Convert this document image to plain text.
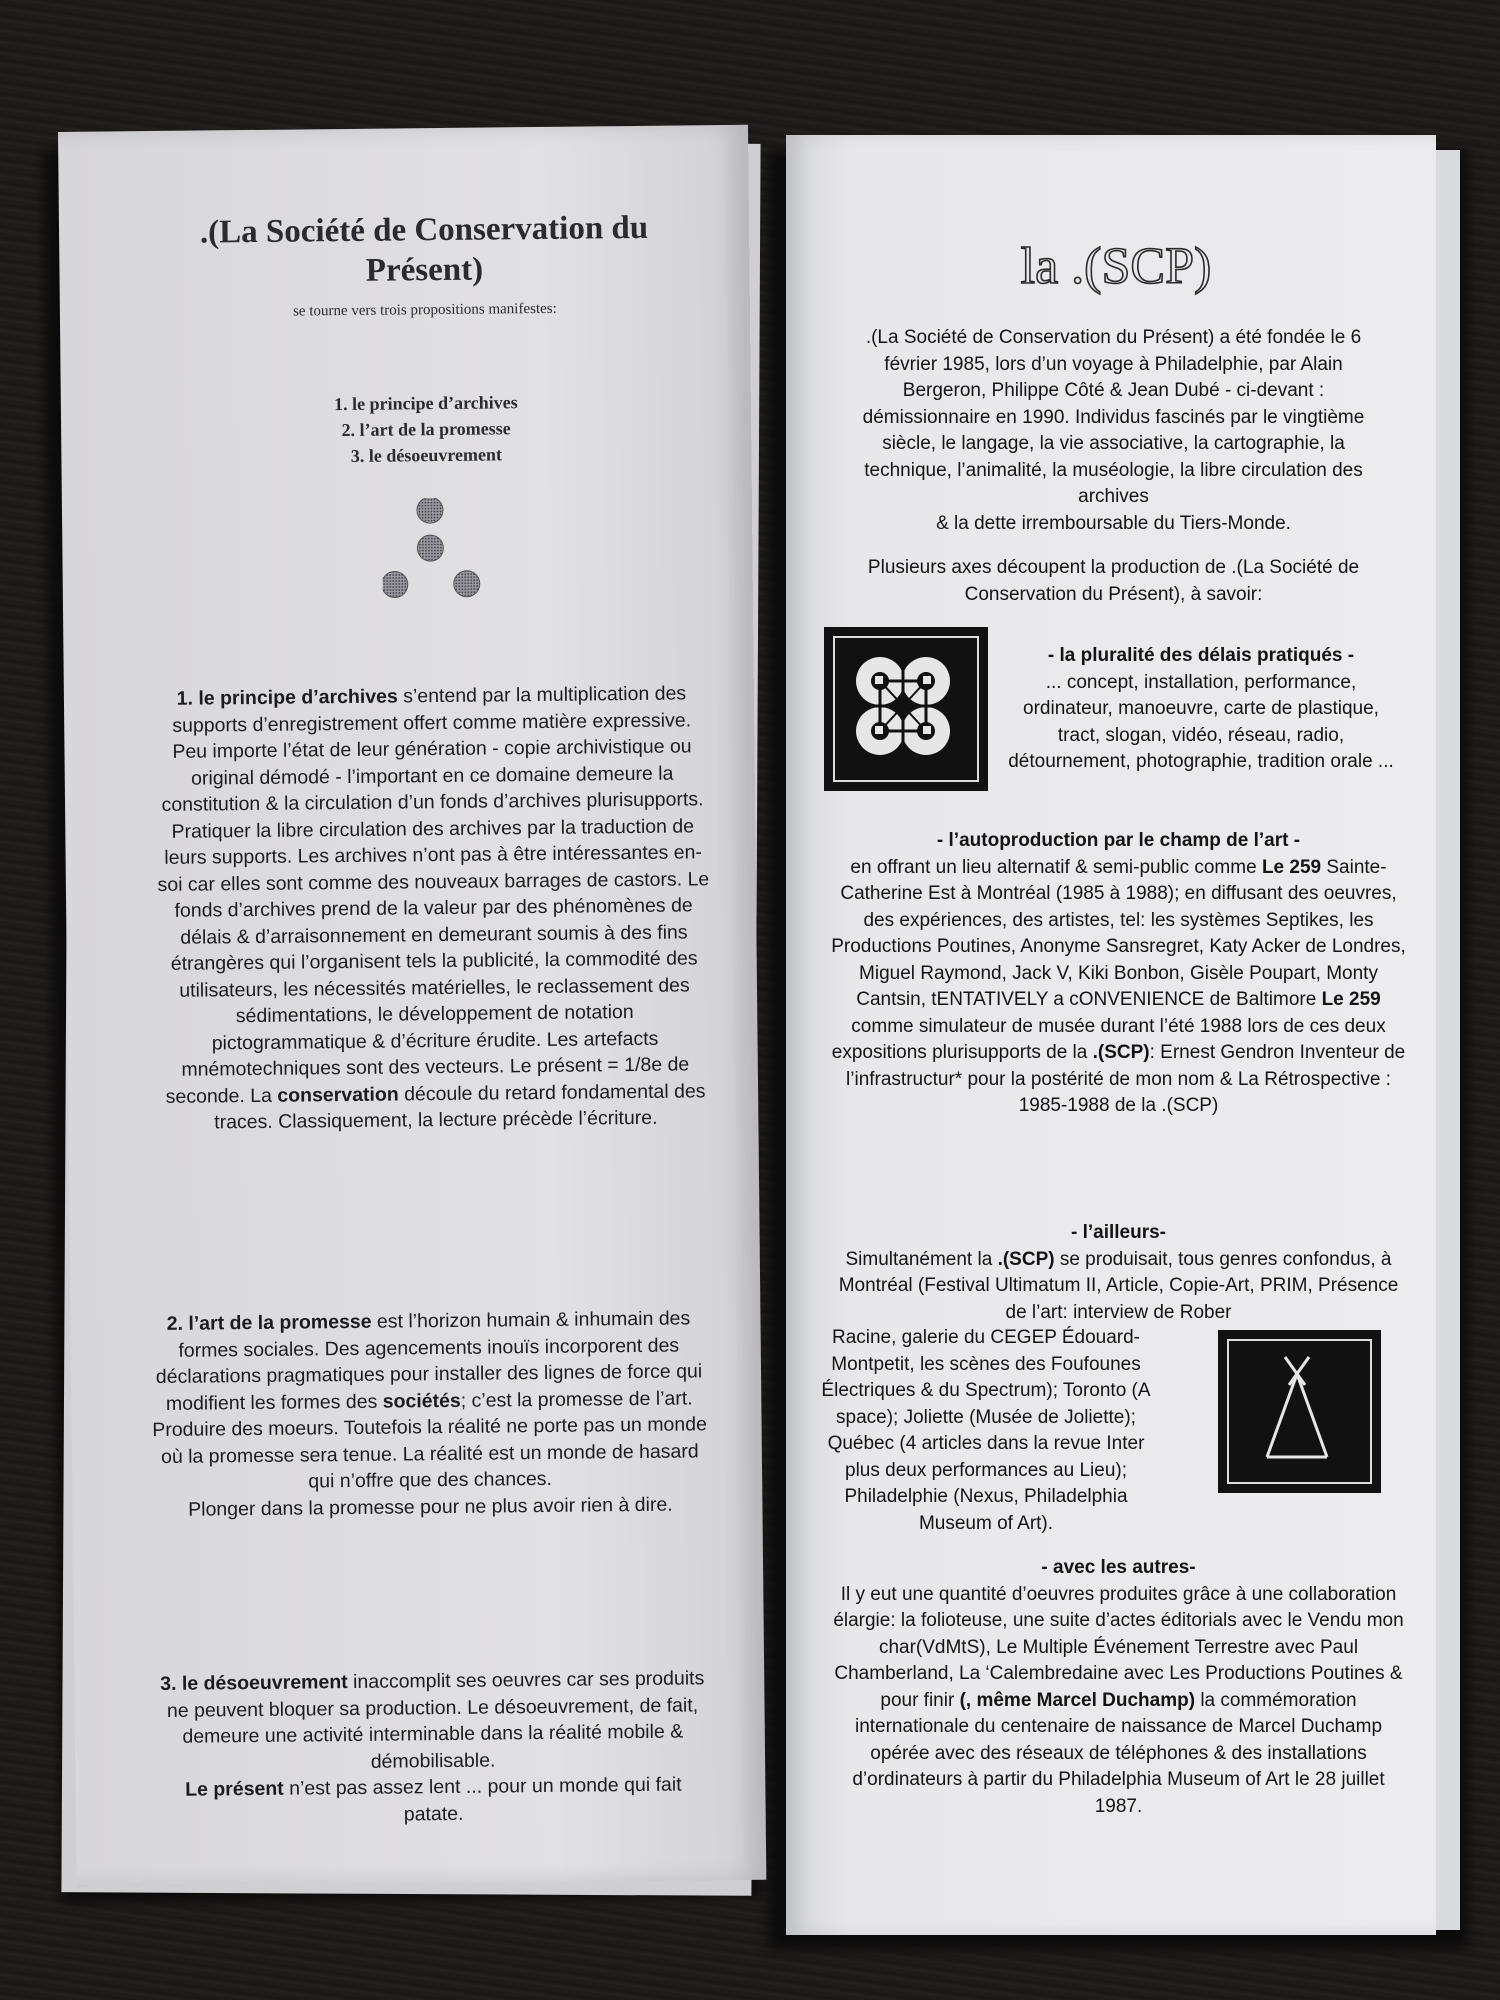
.(La Société de Conservation du Présent)
se tourne vers trois propositions manifestes:
1. le principe d’archives
2. l’art de la promesse
3. le désoeuvrement
1. le principe d’archives s’entend par la multiplication des supports d’enregistrement offert comme matière expressive. Peu importe l’état de leur génération - copie archivistique ou original démodé - l’important en ce domaine demeure la constitution & la circulation d’un fonds d’archives plurisupports. Pratiquer la libre circulation des archives par la traduction de leurs supports. Les archives n’ont pas à être intéressantes en-soi car elles sont comme des nouveaux barrages de castors. Le fonds d’archives prend de la valeur par des phénomènes de délais & d’arraisonnement en demeurant soumis à des fins étrangères qui l’organisent tels la publicité, la commodité des utilisateurs, les nécessités matérielles, le reclassement des sédimentations, le développement de notation pictogrammatique & d’écriture érudite. Les artefacts mnémotechniques sont des vecteurs. Le présent = 1/8e de seconde. La conservation découle du retard fondamental des traces. Classiquement, la lecture précède l’écriture.
2. l’art de la promesse est l’horizon humain & inhumain des formes sociales. Des agencements inouïs incorporent des déclarations pragmatiques pour installer des lignes de force qui modifient les formes des sociétés; c’est la promesse de l’art. Produire des moeurs. Toutefois la réalité ne porte pas un monde où la promesse sera tenue. La réalité est un monde de hasard qui n’offre que des chances.
Plonger dans la promesse pour ne plus avoir rien à dire.
3. le désoeuvrement inaccomplit ses oeuvres car ses produits ne peuvent bloquer sa production. Le désoeuvrement, de fait, demeure une activité interminable dans la réalité mobile & démobilisable.
Le présent n’est pas assez lent ... pour un monde qui fait patate.
la .(SCP)
.(La Société de Conservation du Présent) a été fondée le 6 février 1985, lors d’un voyage à Philadelphie, par Alain Bergeron, Philippe Côté & Jean Dubé - ci-devant : démissionnaire en 1990. Individus fascinés par le vingtième siècle, le langage, la vie associative, la cartographie, la technique, l’animalité, la muséologie, la libre circulation des archives
& la dette irremboursable du Tiers-Monde.
Plusieurs axes découpent la production de .(La Société de Conservation du Présent), à savoir:
- la pluralité des délais pratiqués -
... concept, installation, performance, ordinateur, manoeuvre, carte de plastique, tract, slogan, vidéo, réseau, radio, détournement, photographie, tradition orale ...
- l’autoproduction par le champ de l’art -
en offrant un lieu alternatif & semi-public comme Le 259 Sainte-Catherine Est à Montréal (1985 à 1988); en diffusant des oeuvres, des expériences, des artistes, tel: les systèmes Septikes, les Productions Poutines, Anonyme Sansregret, Katy Acker de Londres, Miguel Raymond, Jack V, Kiki Bonbon, Gisèle Poupart, Monty Cantsin, tENTATIVELY a cONVENIENCE de Baltimore Le 259 comme simulateur de musée durant l’été 1988 lors de ces deux expositions plurisupports de la .(SCP): Ernest Gendron Inventeur de l’infrastructur* pour la postérité de mon nom & La Rétrospective : 1985-1988 de la .(SCP)
- l’ailleurs-
Simultanément la .(SCP) se produisait, tous genres confondus, à Montréal (Festival Ultimatum II, Article, Copie-Art, PRIM, Présence de l’art: interview de Rober
Racine, galerie du CEGEP Édouard-Montpetit, les scènes des Foufounes Électriques & du Spectrum); Toronto (A space); Joliette (Musée de Joliette); Québec (4 articles dans la revue Inter plus deux performances au Lieu); Philadelphie (Nexus, Philadelphia Museum of Art).
- avec les autres-
Il y eut une quantité d’oeuvres produites grâce à une collaboration élargie: la folioteuse, une suite d’actes éditorials avec le Vendu mon char(VdMtS), Le Multiple Événement Terrestre avec Paul Chamberland, La ‘Calembredaine avec Les Productions Poutines & pour finir (, même Marcel Duchamp) la commémoration internationale du centenaire de naissance de Marcel Duchamp opérée avec des réseaux de téléphones & des installations d’ordinateurs à partir du Philadelphia Museum of Art le 28 juillet 1987.
